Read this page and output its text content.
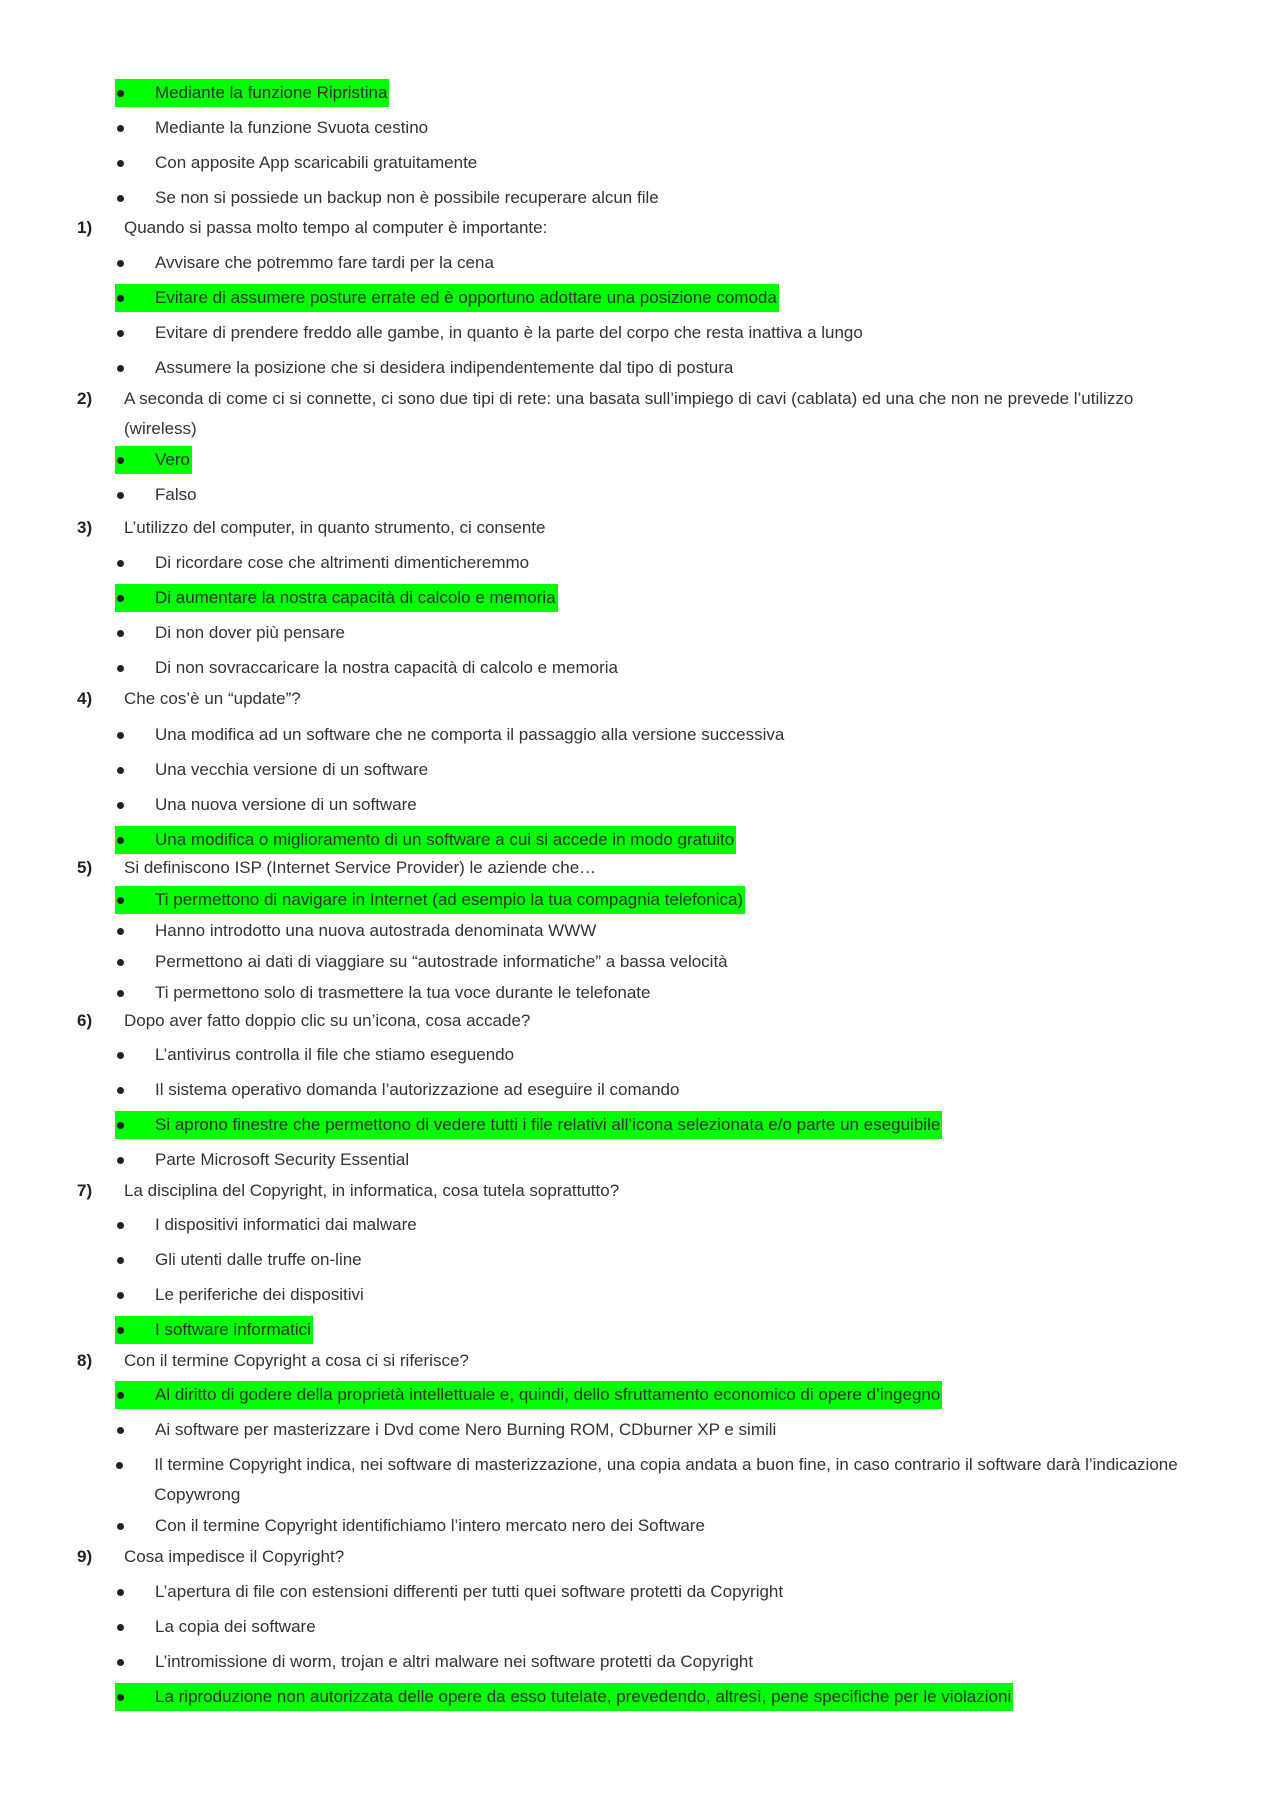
Mediante la funzione Ripristina
Mediante la funzione Svuota cestino
Con apposite App scaricabili gratuitamente
Se non si possiede un backup non è possibile recuperare alcun file
1)	Quando si passa molto tempo al computer è importante:
Avvisare che potremmo fare tardi per la cena
Evitare di assumere posture errate ed è opportuno adottare una posizione comoda
Evitare di prendere freddo alle gambe, in quanto è la parte del corpo che resta inattiva a lungo
Assumere la posizione che si desidera indipendentemente dal tipo di postura
2)	A seconda di come ci si connette, ci sono due tipi di rete: una basata sull’impiego di cavi (cablata) ed una che non ne prevede l’utilizzo (wireless)
Vero
Falso
3)	L’utilizzo del computer, in quanto strumento, ci consente
Di ricordare cose che altrimenti dimenticheremmo
Di aumentare la nostra capacità di calcolo e memoria
Di non dover più pensare
Di non sovraccaricare la nostra capacità di calcolo e memoria
4)	Che cos’è un “update”?
Una modifica ad un software che ne comporta il passaggio alla versione successiva
Una vecchia versione di un software
Una nuova versione di un software
Una modifica o miglioramento di un software a cui si accede in modo gratuito
5)	Si definiscono ISP (Internet Service Provider) le aziende che…
Ti permettono di navigare in Internet (ad esempio la tua compagnia telefonica)
Hanno introdotto una nuova autostrada denominata WWW
Permettono ai dati di viaggiare su “autostrade informatiche” a bassa velocità
Ti permettono solo di trasmettere la tua voce durante le telefonate
6)	Dopo aver fatto doppio clic su un’icona, cosa accade?
L’antivirus controlla il file che stiamo eseguendo
Il sistema operativo domanda l’autorizzazione ad eseguire il comando
Si aprono finestre che permettono di vedere tutti i file relativi all’icona selezionata e/o parte un eseguibile
Parte Microsoft Security Essential
7)	La disciplina del Copyright, in informatica, cosa tutela soprattutto?
I dispositivi informatici dai malware
Gli utenti dalle truffe on-line
Le periferiche dei dispositivi
I software informatici
8)	Con il termine Copyright a cosa ci si riferisce?
Al diritto di godere della proprietà intellettuale e, quindi, dello sfruttamento economico di opere d’ingegno
Ai software per masterizzare i Dvd come Nero Burning ROM, CDburner XP e simili
Il termine Copyright indica, nei software di masterizzazione, una copia andata a buon fine, in caso contrario il software darà l’indicazione Copywrong
Con il termine Copyright identifichiamo l’intero mercato nero dei Software
9)	Cosa impedisce il Copyright?
L’apertura di file con estensioni differenti per tutti quei software protetti da Copyright
La copia dei software
L’intromissione di worm, trojan e altri malware nei software protetti da Copyright
La riproduzione non autorizzata delle opere da esso tutelate, prevedendo, altresì, pene specifiche per le violazioni
